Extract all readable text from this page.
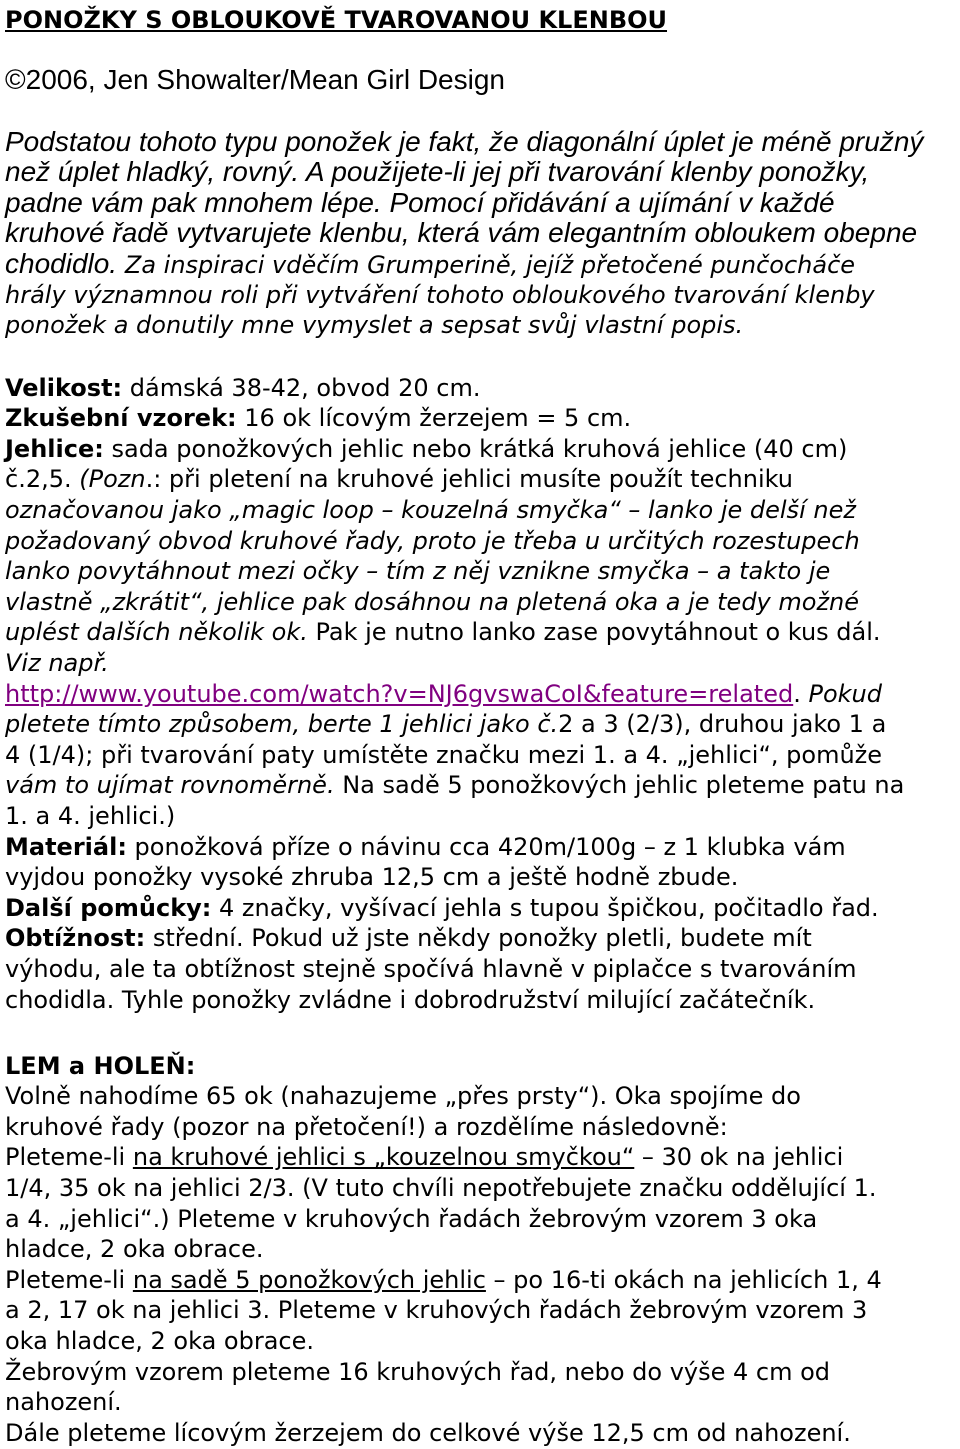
PONOŽKY S OBLOUKOVĚ TVAROVANOU KLENBOU
©2006, Jen Showalter/Mean Girl Design
Podstatou tohoto typu ponožek je fakt, že diagonální úplet je méně pružný
než úplet hladký, rovný. A použijete-li jej při tvarování klenby ponožky,
padne vám pak mnohem lépe. Pomocí přidávání a ujímání v každé
kruhové řadě vytvarujete klenbu, která vám elegantním obloukem obepne
chodidlo. Za inspiraci vděčím Grumperině, jejíž přetočené punčocháče
hrály významnou roli při vytváření tohoto obloukového tvarování klenby
ponožek a donutily mne vymyslet a sepsat svůj vlastní popis.
Velikost: dámská 38-42, obvod 20 cm.
Zkušební vzorek: 16 ok lícovým žerzejem = 5 cm.
Jehlice: sada ponožkových jehlic nebo krátká kruhová jehlice (40 cm)
č.2,5. (Pozn.: při pletení na kruhové jehlici musíte použít techniku
označovanou jako „magic loop – kouzelná smyčka“ – lanko je delší než
požadovaný obvod kruhové řady, proto je třeba u určitých rozestupech
lanko povytáhnout mezi očky – tím z něj vznikne smyčka – a takto je
vlastně „zkrátit“, jehlice pak dosáhnou na pletená oka a je tedy možné
uplést dalších několik ok. Pak je nutno lanko zase povytáhnout o kus dál.
Viz např.
http://www.youtube.com/watch?v=NJ6gvswaCoI&feature=related. Pokud
pletete tímto způsobem, berte 1 jehlici jako č.2 a 3 (2/3), druhou jako 1 a
4 (1/4); při tvarování paty umístěte značku mezi 1. a 4. „jehlici“, pomůže
vám to ujímat rovnoměrně. Na sadě 5 ponožkových jehlic pleteme patu na
1. a 4. jehlici.)
Materiál: ponožková příze o návinu cca 420m/100g – z 1 klubka vám
vyjdou ponožky vysoké zhruba 12,5 cm a ještě hodně zbude.
Další pomůcky: 4 značky, vyšívací jehla s tupou špičkou, počitadlo řad.
Obtížnost: střední. Pokud už jste někdy ponožky pletli, budete mít
výhodu, ale ta obtížnost stejně spočívá hlavně v piplačce s tvarováním
chodidla. Tyhle ponožky zvládne i dobrodružství milující začátečník.
LEM a HOLEŇ:
Volně nahodíme 65 ok (nahazujeme „přes prsty“). Oka spojíme do
kruhové řady (pozor na přetočení!) a rozdělíme následovně:
Pleteme-li na kruhové jehlici s „kouzelnou smyčkou“ – 30 ok na jehlici
1/4, 35 ok na jehlici 2/3. (V tuto chvíli nepotřebujete značku oddělující 1.
a 4. „jehlici“.) Pleteme v kruhových řadách žebrovým vzorem 3 oka
hladce, 2 oka obrace.
Pleteme-li na sadě 5 ponožkových jehlic – po 16-ti okách na jehlicích 1, 4
a 2, 17 ok na jehlici 3. Pleteme v kruhových řadách žebrovým vzorem 3
oka hladce, 2 oka obrace.
Žebrovým vzorem pleteme 16 kruhových řad, nebo do výše 4 cm od
nahození.
Dále pleteme lícovým žerzejem do celkové výše 12,5 cm od nahození.
